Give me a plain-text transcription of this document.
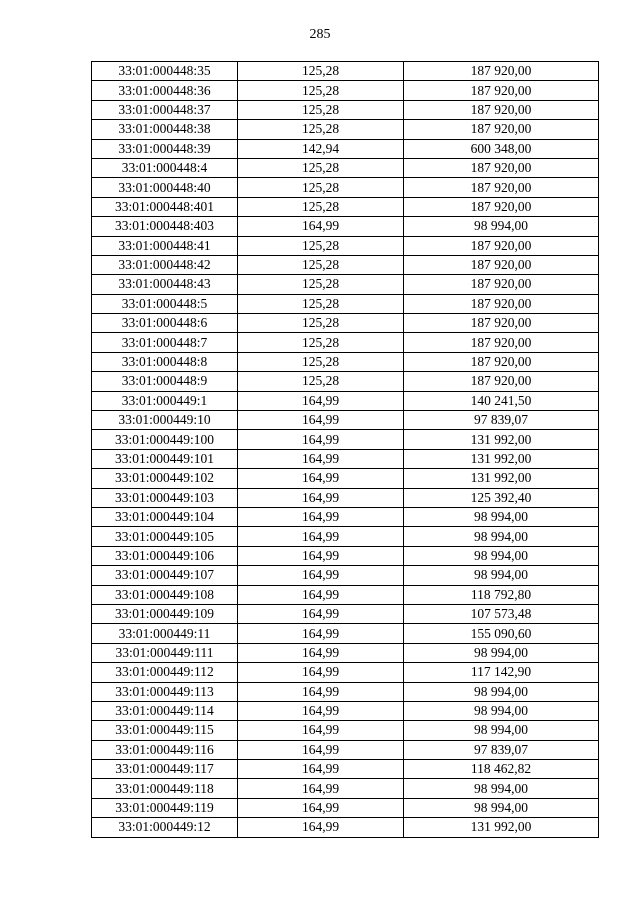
285
33:01:000448:35	125,28	187 920,00
33:01:000448:36	125,28	187 920,00
33:01:000448:37	125,28	187 920,00
33:01:000448:38	125,28	187 920,00
33:01:000448:39	142,94	600 348,00
33:01:000448:4	125,28	187 920,00
33:01:000448:40	125,28	187 920,00
33:01:000448:401	125,28	187 920,00
33:01:000448:403	164,99	98 994,00
33:01:000448:41	125,28	187 920,00
33:01:000448:42	125,28	187 920,00
33:01:000448:43	125,28	187 920,00
33:01:000448:5	125,28	187 920,00
33:01:000448:6	125,28	187 920,00
33:01:000448:7	125,28	187 920,00
33:01:000448:8	125,28	187 920,00
33:01:000448:9	125,28	187 920,00
33:01:000449:1	164,99	140 241,50
33:01:000449:10	164,99	97 839,07
33:01:000449:100	164,99	131 992,00
33:01:000449:101	164,99	131 992,00
33:01:000449:102	164,99	131 992,00
33:01:000449:103	164,99	125 392,40
33:01:000449:104	164,99	98 994,00
33:01:000449:105	164,99	98 994,00
33:01:000449:106	164,99	98 994,00
33:01:000449:107	164,99	98 994,00
33:01:000449:108	164,99	118 792,80
33:01:000449:109	164,99	107 573,48
33:01:000449:11	164,99	155 090,60
33:01:000449:111	164,99	98 994,00
33:01:000449:112	164,99	117 142,90
33:01:000449:113	164,99	98 994,00
33:01:000449:114	164,99	98 994,00
33:01:000449:115	164,99	98 994,00
33:01:000449:116	164,99	97 839,07
33:01:000449:117	164,99	118 462,82
33:01:000449:118	164,99	98 994,00
33:01:000449:119	164,99	98 994,00
33:01:000449:12	164,99	131 992,00
